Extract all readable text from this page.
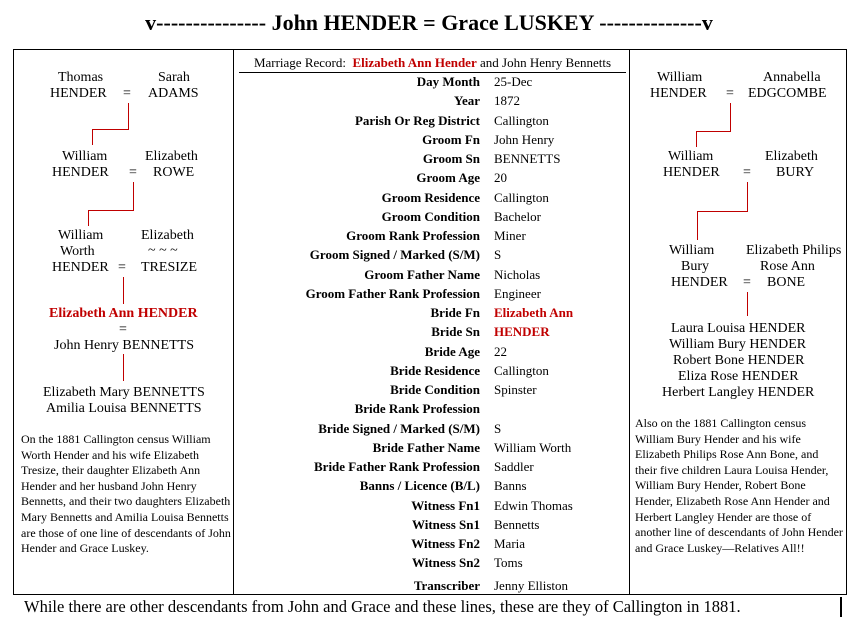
v--------------- John HENDER = Grace LUSKEY --------------v
Thomas
HENDER =
Sarah
ADAMS
William
HENDER =
Elizabeth
ROWE
William
Worth
HENDER =
Elizabeth
~ ~ ~
TRESIZE
Elizabeth Ann HENDER
=
John Henry BENNETTS
Elizabeth Mary BENNETTS
Amilia Louisa BENNETTS
On the 1881 Callington census William Worth Hender and his wife Elizabeth Tresize, their daughter Elizabeth Ann Hender and her husband John Henry Bennetts, and their two daughters Elizabeth Mary Bennetts and Amilia Louisa Bennetts are those of one line of descendants of John Hender and Grace Luskey.
Marriage Record: Elizabeth Ann Hender and John Henry Bennetts
Day Month 25-Dec
Year 1872
Parish Or Reg District Callington
Groom Fn John Henry
Groom Sn BENNETTS
Groom Age 20
Groom Residence Callington
Groom Condition Bachelor
Groom Rank Profession Miner
Groom Signed / Marked (S/M) S
Groom Father Name Nicholas
Groom Father Rank Profession Engineer
Bride Fn Elizabeth Ann
Bride Sn HENDER
Bride Age 22
Bride Residence Callington
Bride Condition Spinster
Bride Rank Profession
Bride Signed / Marked (S/M) S
Bride Father Name William Worth
Bride Father Rank Profession Saddler
Banns / Licence (B/L) Banns
Witness Fn1 Edwin Thomas
Witness Sn1 Bennetts
Witness Fn2 Maria
Witness Sn2 Toms
Transcriber Jenny Elliston
William
HENDER =
Annabella
EDGCOMBE
William
HENDER =
Elizabeth
BURY
William
Bury
HENDER =
Elizabeth Philips
Rose Ann
BONE
Laura Louisa HENDER
William Bury HENDER
Robert Bone HENDER
Eliza Rose HENDER
Herbert Langley HENDER
Also on the 1881 Callington census William Bury Hender and his wife Elizabeth Philips Rose Ann Bone, and their five children Laura Louisa Hender, William Bury Hender, Robert Bone Hender, Elizabeth Rose Ann Hender and Herbert Langley Hender are those of another line of descendants of John Hender and Grace Luskey—Relatives All!!
While there are other descendants from John and Grace and these lines, these are they of Callington in 1881.
